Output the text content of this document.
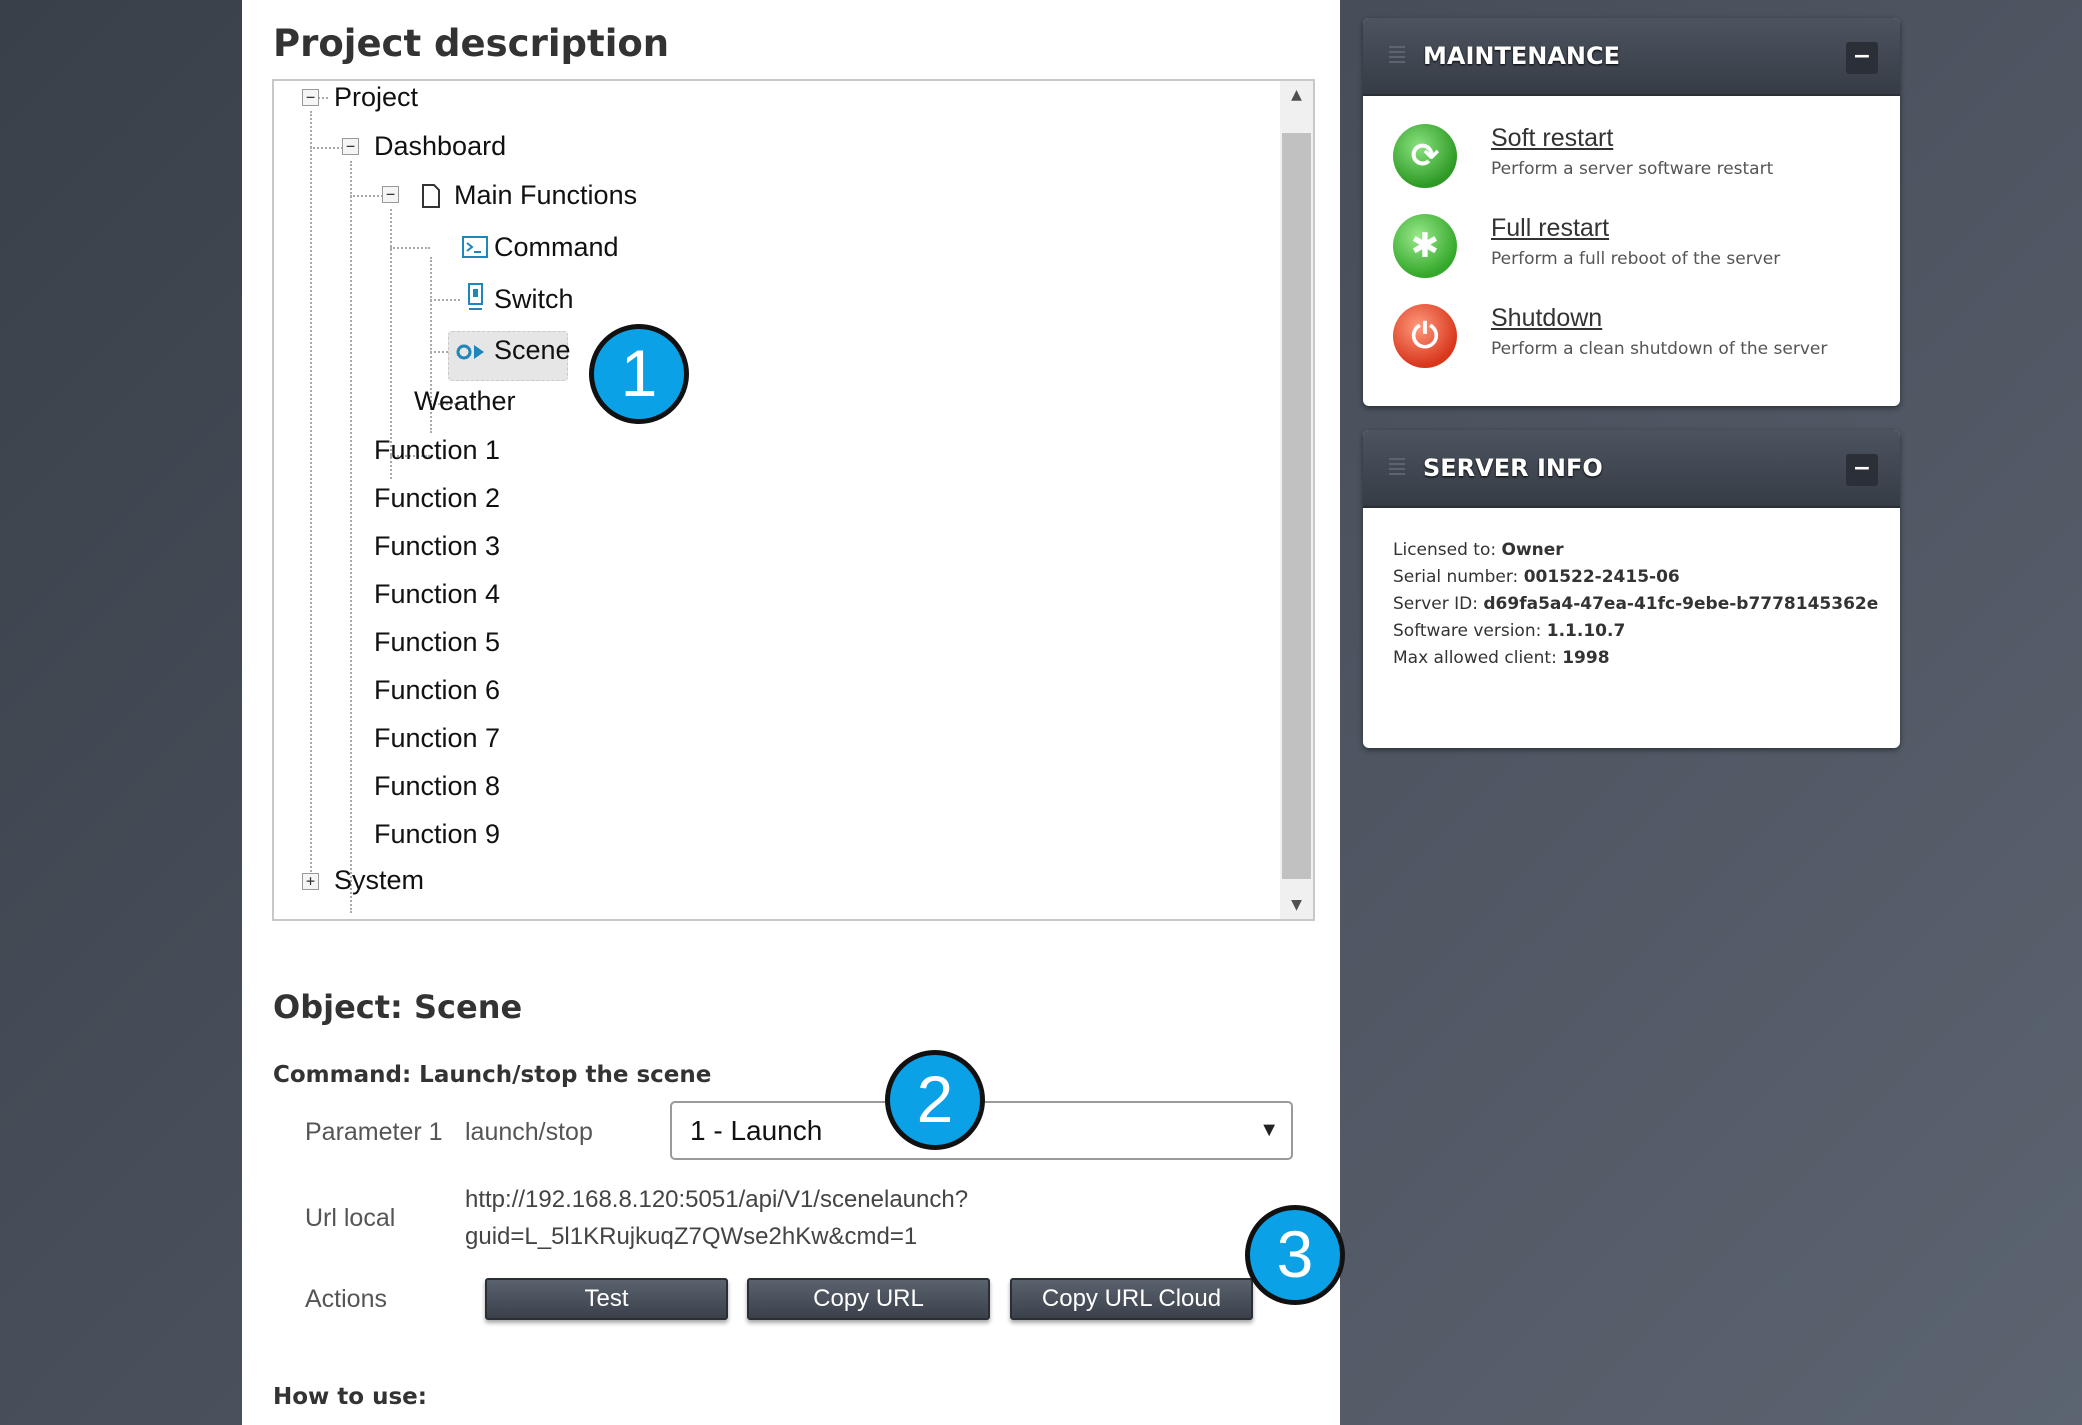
Project description
−
−
−
+
Project
Dashboard
Main Functions
Command
Switch
Scene
Weather
Function 1
Function 2
Function 3
Function 4
Function 5
Function 6
Function 7
Function 8
Function 9
System
▲
▼
1
Object: Scene
Command: Launch/stop the scene
Parameter 1 launch/stop	1 - Launch	▼
2
Url local
http://192.168.8.120:5051/api/V1/scenelaunch?
guid=L_5l1KRujkuqZ7QWse2hKw&cmd=1
Actions	Test	Copy URL	Copy URL Cloud
3
How to use:
MAINTENANCE	−
⟳	Soft restart
Perform a server software restart
✱	Full restart
Perform a full reboot of the server
⏻	Shutdown
Perform a clean shutdown of the server
SERVER INFO	−
Licensed to: Owner
Serial number: 001522-2415-06
Server ID: d69fa5a4-47ea-41fc-9ebe-b7778145362e
Software version: 1.1.10.7
Max allowed client: 1998
